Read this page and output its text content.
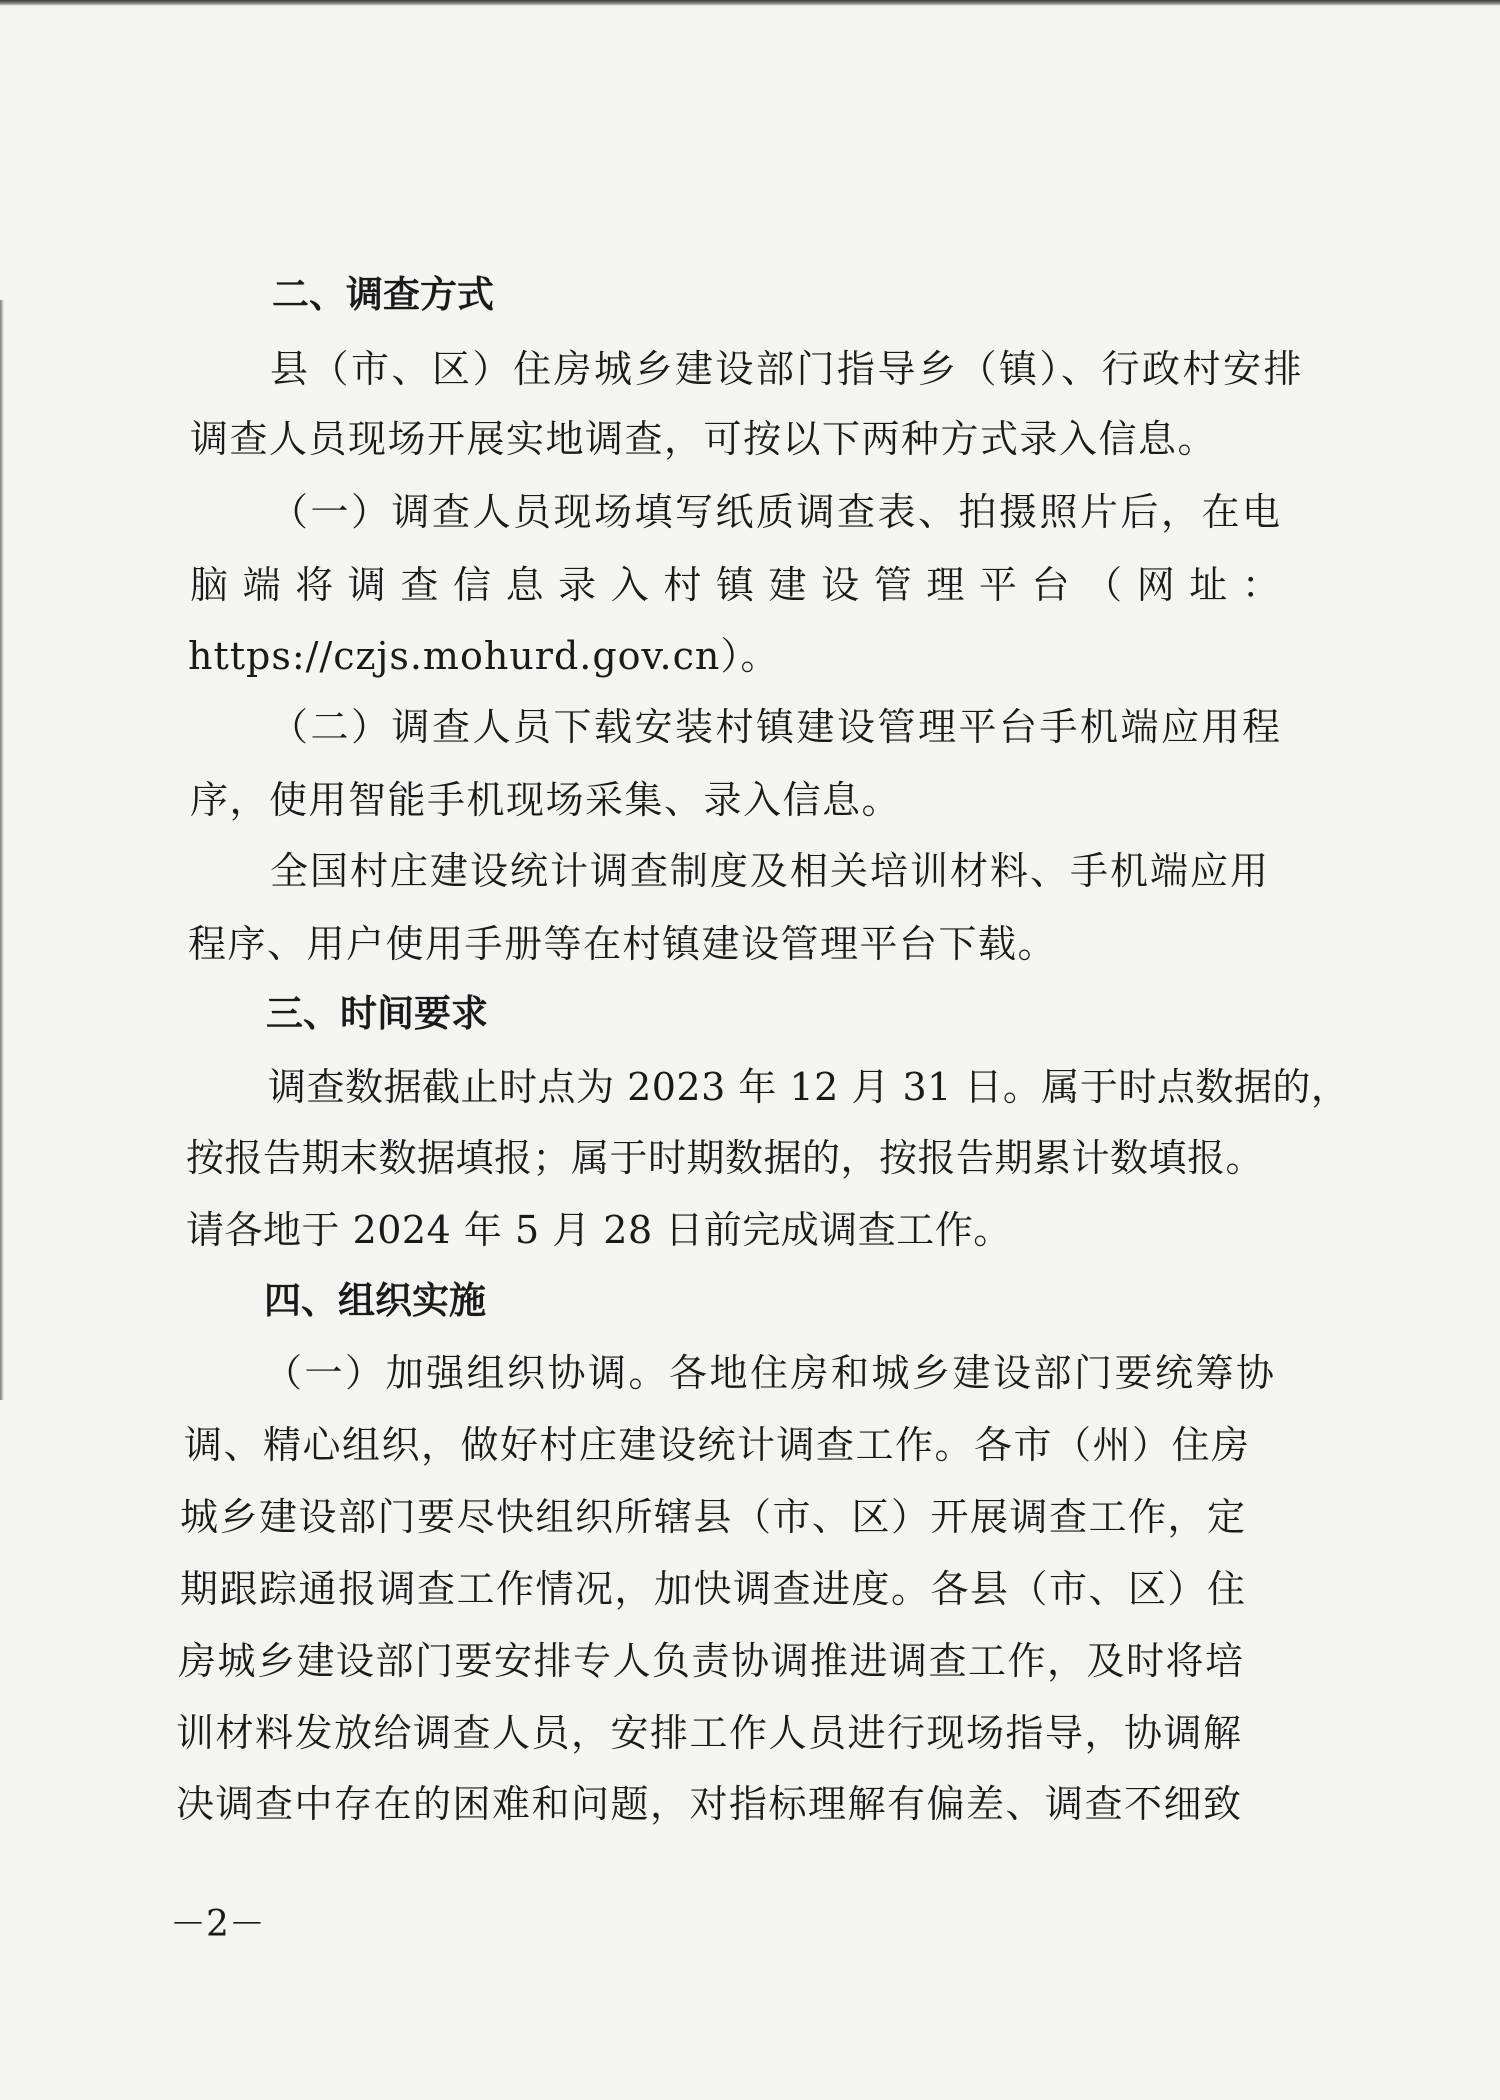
二、调查方式
县（市、区）住房城乡建设部门指导乡（镇）、行政村安排
调查人员现场开展实地调查，可按以下两种方式录入信息。
（一）调查人员现场填写纸质调查表、拍摄照片后，在电
脑 端 将 调 查 信 息 录 入 村 镇 建 设 管 理 平 台 （ 网 址 ：
https://czjs.mohurd.gov.cn）。
（二）调查人员下载安装村镇建设管理平台手机端应用程
序，使用智能手机现场采集、录入信息。
全国村庄建设统计调查制度及相关培训材料、手机端应用
程序、用户使用手册等在村镇建设管理平台下载。
三、时间要求
调查数据截止时点为 2023 年 12 月 31 日。属于时点数据的，
按报告期末数据填报；属于时期数据的，按报告期累计数填报。
请各地于 2024 年 5 月 28 日前完成调查工作。
四、组织实施
（一）加强组织协调。各地住房和城乡建设部门要统筹协
调、精心组织，做好村庄建设统计调查工作。各市（州）住房
城乡建设部门要尽快组织所辖县（市、区）开展调查工作，定
期跟踪通报调查工作情况，加快调查进度。各县（市、区）住
房城乡建设部门要安排专人负责协调推进调查工作，及时将培
训材料发放给调查人员，安排工作人员进行现场指导，协调解
决调查中存在的困难和问题，对指标理解有偏差、调查不细致
－2－
